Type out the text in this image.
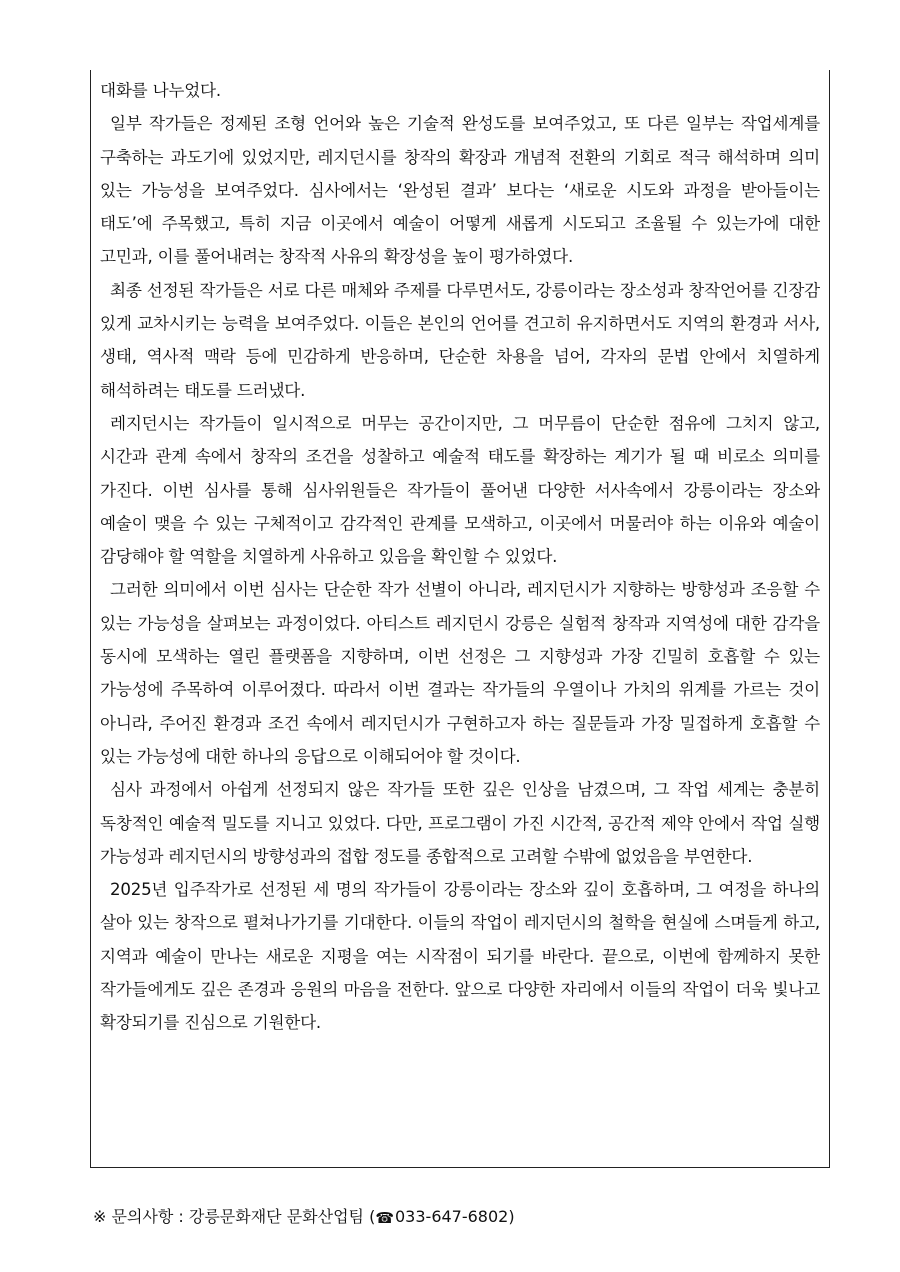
대화를 나누었다.

일부 작가들은 정제된 조형 언어와 높은 기술적 완성도를 보여주었고, 또 다른 일부는 작업세계를 구축하는 과도기에 있었지만, 레지던시를 창작의 확장과 개념적 전환의 기회로 적극 해석하며 의미 있는 가능성을 보여주었다. 심사에서는 ‘완성된 결과’ 보다는 ‘새로운 시도와 과정을 받아들이는 태도’에 주목했고, 특히 지금 이곳에서 예술이 어떻게 새롭게 시도되고 조율될 수 있는가에 대한 고민과, 이를 풀어내려는 창작적 사유의 확장성을 높이 평가하였다.

최종 선정된 작가들은 서로 다른 매체와 주제를 다루면서도, 강릉이라는 장소성과 창작언어를 긴장감 있게 교차시키는 능력을 보여주었다. 이들은 본인의 언어를 견고히 유지하면서도 지역의 환경과 서사, 생태, 역사적 맥락 등에 민감하게 반응하며, 단순한 차용을 넘어, 각자의 문법 안에서 치열하게 해석하려는 태도를 드러냈다.

레지던시는 작가들이 일시적으로 머무는 공간이지만, 그 머무름이 단순한 점유에 그치지 않고, 시간과 관계 속에서 창작의 조건을 성찰하고 예술적 태도를 확장하는 계기가 될 때 비로소 의미를 가진다. 이번 심사를 통해 심사위원들은 작가들이 풀어낸 다양한 서사속에서 강릉이라는 장소와 예술이 맺을 수 있는 구체적이고 감각적인 관계를 모색하고, 이곳에서 머물러야 하는 이유와 예술이 감당해야 할 역할을 치열하게 사유하고 있음을 확인할 수 있었다.

그러한 의미에서 이번 심사는 단순한 작가 선별이 아니라, 레지던시가 지향하는 방향성과 조응할 수 있는 가능성을 살펴보는 과정이었다. 아티스트 레지던시 강릉은 실험적 창작과 지역성에 대한 감각을 동시에 모색하는 열린 플랫폼을 지향하며, 이번 선정은 그 지향성과 가장 긴밀히 호흡할 수 있는 가능성에 주목하여 이루어졌다. 따라서 이번 결과는 작가들의 우열이나 가치의 위계를 가르는 것이 아니라, 주어진 환경과 조건 속에서 레지던시가 구현하고자 하는 질문들과 가장 밀접하게 호흡할 수 있는 가능성에 대한 하나의 응답으로 이해되어야 할 것이다.

심사 과정에서 아쉽게 선정되지 않은 작가들 또한 깊은 인상을 남겼으며, 그 작업 세계는 충분히 독창적인 예술적 밀도를 지니고 있었다. 다만, 프로그램이 가진 시간적, 공간적 제약 안에서 작업 실행 가능성과 레지던시의 방향성과의 접합 정도를 종합적으로 고려할 수밖에 없었음을 부연한다.

2025년 입주작가로 선정된 세 명의 작가들이 강릉이라는 장소와 깊이 호흡하며, 그 여정을 하나의 살아 있는 창작으로 펼쳐나가기를 기대한다. 이들의 작업이 레지던시의 철학을 현실에 스며들게 하고, 지역과 예술이 만나는 새로운 지평을 여는 시작점이 되기를 바란다. 끝으로, 이번에 함께하지 못한 작가들에게도 깊은 존경과 응원의 마음을 전한다. 앞으로 다양한 자리에서 이들의 작업이 더욱 빛나고 확장되기를 진심으로 기원한다.

※ 문의사항 : 강릉문화재단 문화산업팀 (☎033-647-6802)
